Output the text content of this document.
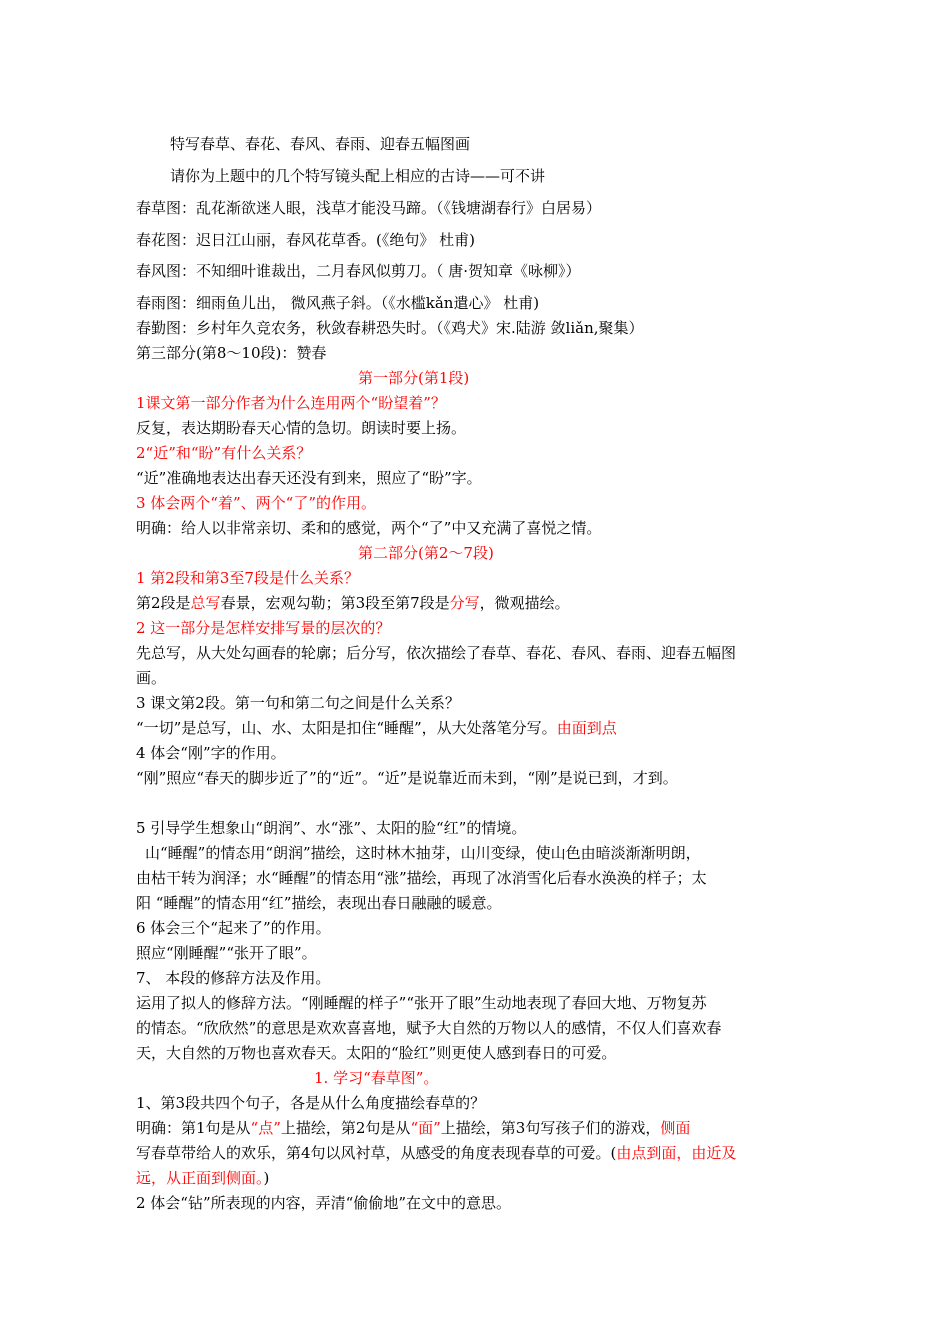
特写春草、春花、春风、春雨、迎春五幅图画
请你为上题中的几个特写镜头配上相应的古诗——可不讲
春草图：乱花渐欲迷人眼，浅草才能没马蹄。（《钱塘湖春行》白居易）
春花图：迟日江山丽，春风花草香。(《绝句》 杜甫)
春风图：不知细叶谁裁出，二月春风似剪刀。（ 唐·贺知章《咏柳》）
春雨图：细雨鱼儿出， 微风燕子斜。（《水槛kǎn遣心》 杜甫)
春勤图：乡村年久竞农务，秋敛春耕恐失时。（《鸡犬》宋.陆游 敛liǎn,聚集）
第三部分(第8～10段)：赞春
第一部分(第1段)
1课文第一部分作者为什么连用两个“盼望着”？
反复，表达期盼春天心情的急切。朗读时要上扬。
2“近”和“盼”有什么关系？
“近”准确地表达出春天还没有到来，照应了“盼”字。
3 体会两个“着”、两个“了”的作用。
明确：给人以非常亲切、柔和的感觉，两个“了”中又充满了喜悦之情。
第二部分(第2～7段)
1 第2段和第3至7段是什么关系？
第2段是总写春景，宏观勾勒；第3段至第7段是分写，微观描绘。
2 这一部分是怎样安排写景的层次的？
先总写，从大处勾画春的轮廓；后分写，依次描绘了春草、春花、春风、春雨、迎春五幅图
画。
3 课文第2段。第一句和第二句之间是什么关系？
“一切”是总写，山、水、太阳是扣住“睡醒”，从大处落笔分写。由面到点
4 体会“刚”字的作用。
“刚”照应“春天的脚步近了”的“近”。“近”是说靠近而未到，“刚”是说已到，才到。
5 引导学生想象山“朗润”、水“涨”、太阳的脸“红”的情境。
山“睡醒”的情态用“朗润”描绘，这时林木抽芽，山川变绿，使山色由暗淡渐渐明朗，
由枯干转为润泽；水“睡醒”的情态用“涨”描绘，再现了冰消雪化后春水涣涣的样子；太
阳 “睡醒”的情态用“红”描绘，表现出春日融融的暖意。
6 体会三个“起来了”的作用。
照应“刚睡醒”“张开了眼”。
7、 本段的修辞方法及作用。
运用了拟人的修辞方法。“刚睡醒的样子”“张开了眼”生动地表现了春回大地、万物复苏
的情态。“欣欣然”的意思是欢欢喜喜地，赋予大自然的万物以人的感情，不仅人们喜欢春
天，大自然的万物也喜欢春天。太阳的“脸红”则更使人感到春日的可爱。
1. 学习“春草图”。
1、第3段共四个句子，各是从什么角度描绘春草的？
明确：第1句是从“点”上描绘，第2句是从“面”上描绘，第3句写孩子们的游戏，侧面
写春草带给人的欢乐，第4句以风衬草，从感受的角度表现春草的可爱。(由点到面，由近及
远，从正面到侧面。)
2 体会“钻”所表现的内容，弄清“偷偷地”在文中的意思。
